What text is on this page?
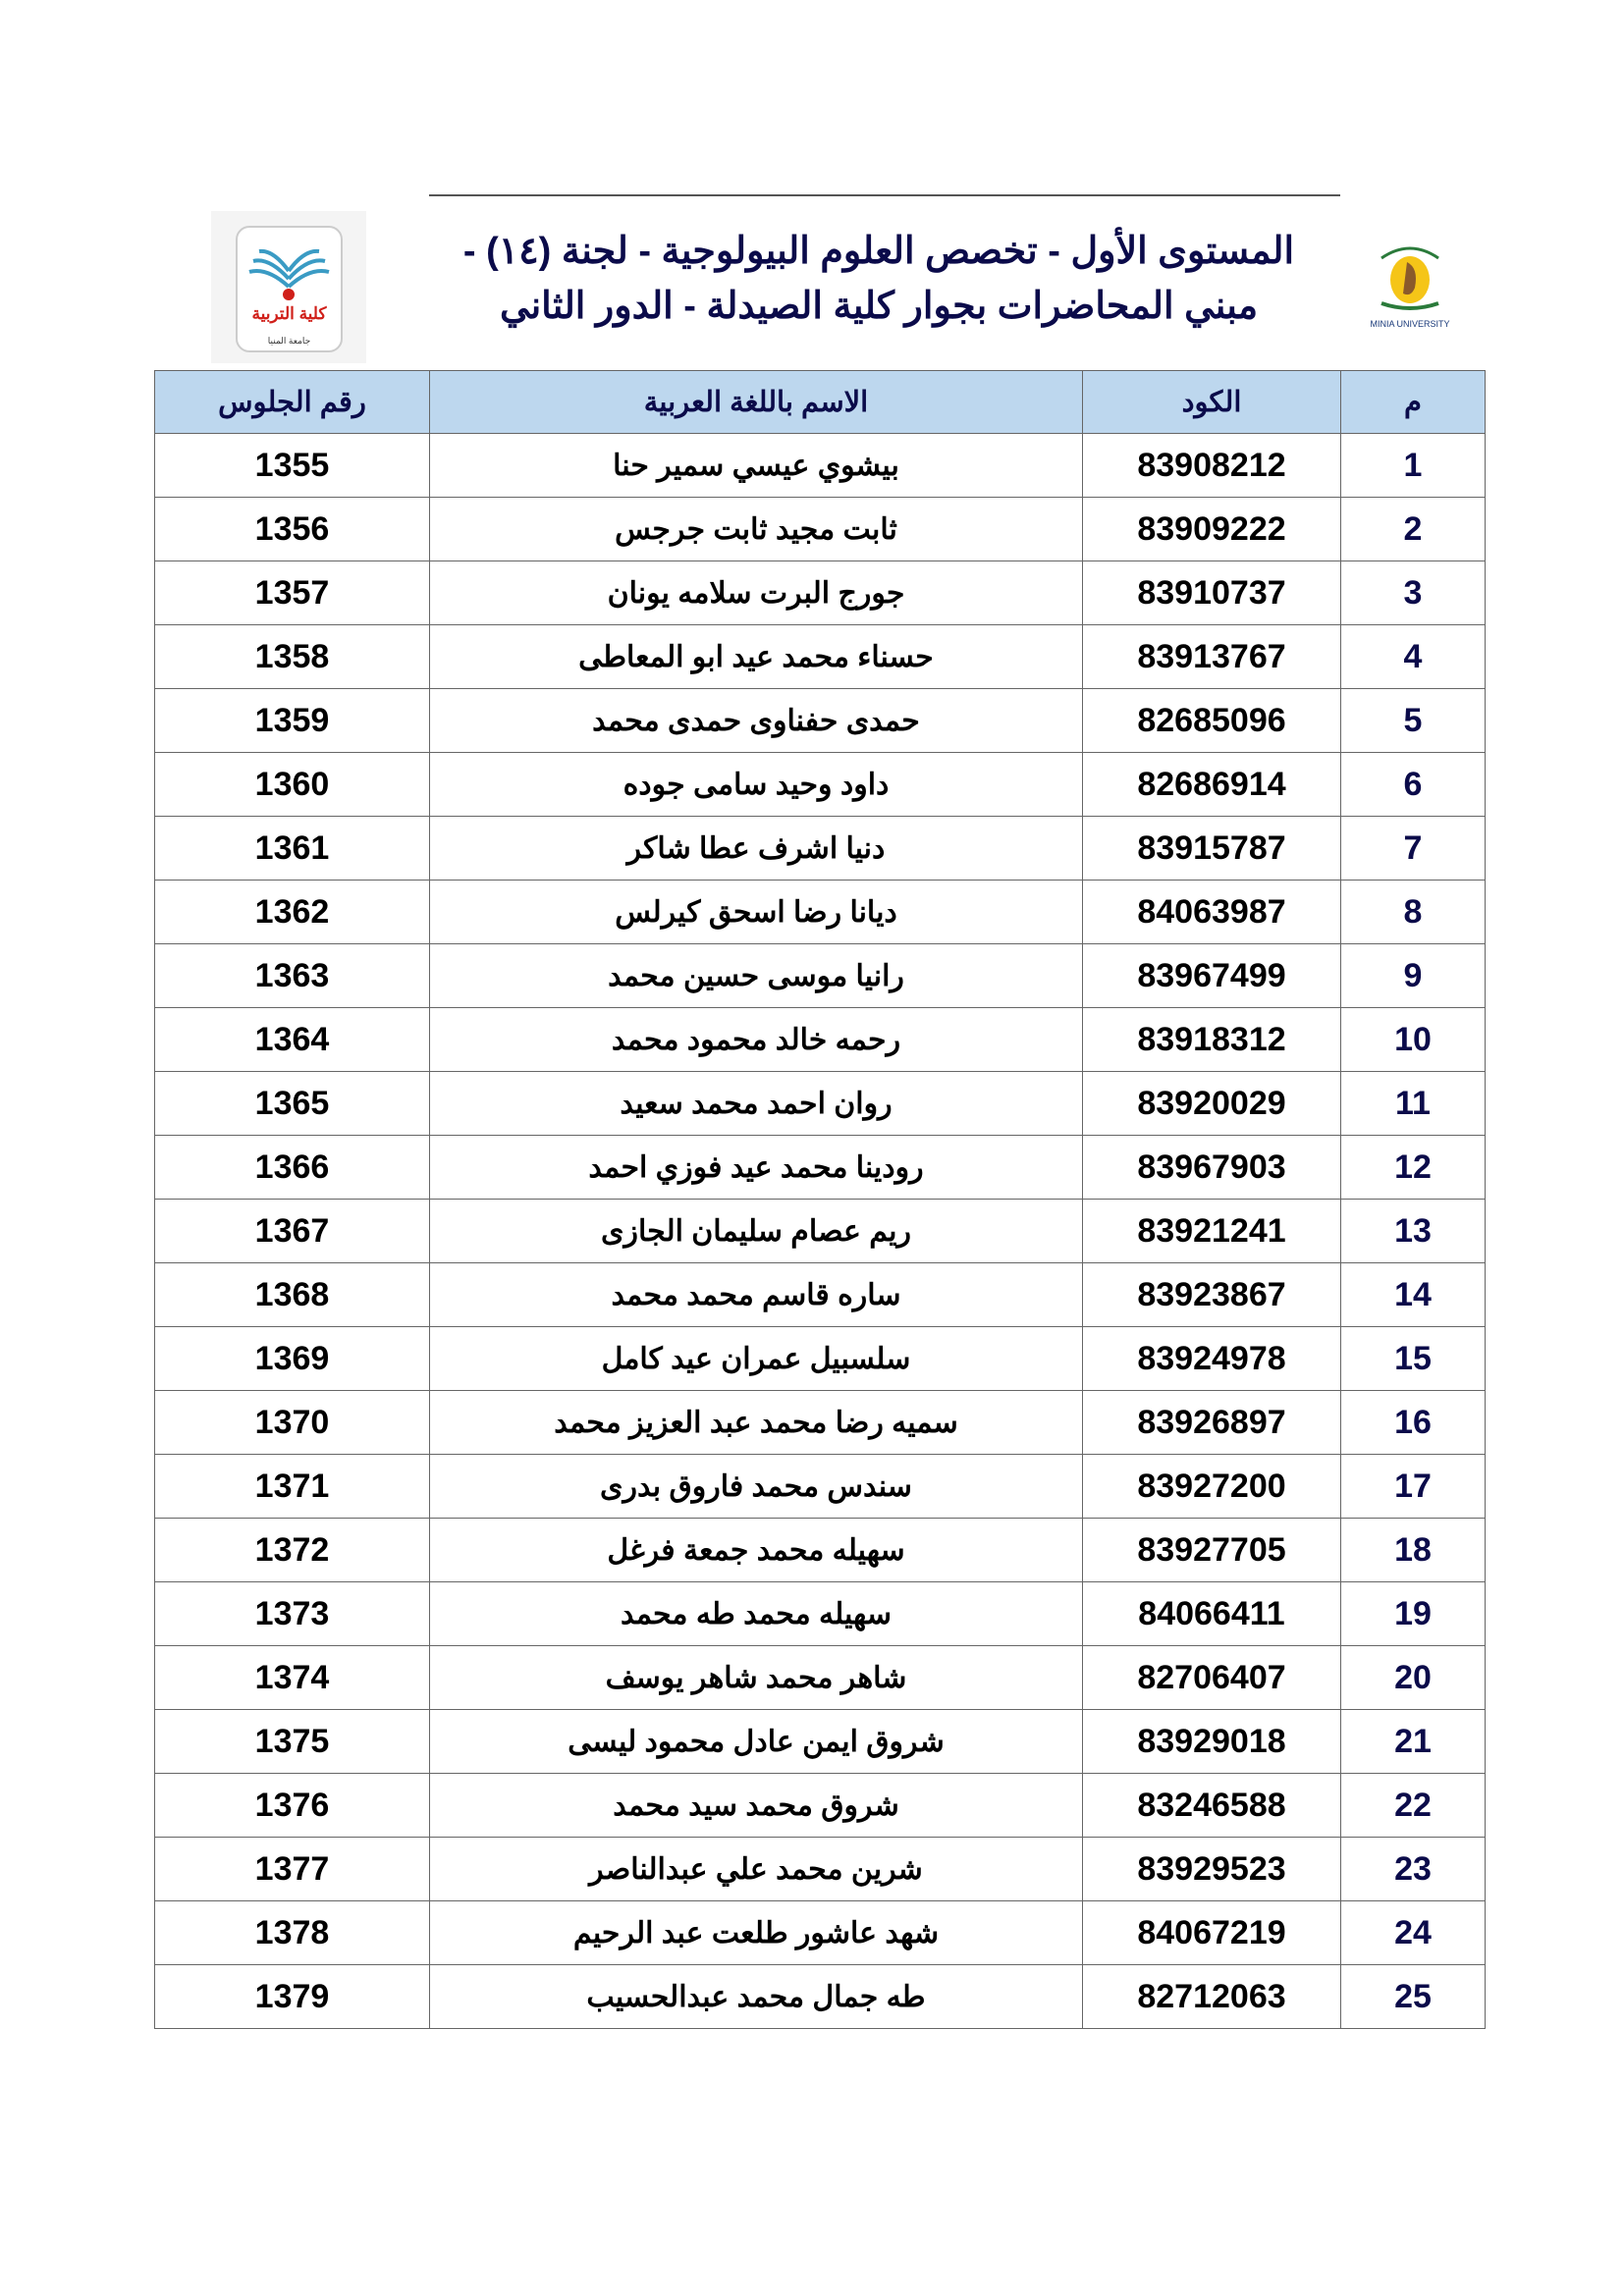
كلية التربية
جامعة المنيا
المستوى الأول - تخصص العلوم البيولوجية - لجنة (١٤) -
مبني المحاضرات بجوار كلية الصيدلة - الدور الثاني	MINIA UNIVERSITY
م	الكود	الاسم باللغة العربية	رقم الجلوس
1	83908212	بيشوي عيسي سمير حنا	1355
2	83909222	ثابت مجيد ثابت جرجس	1356
3	83910737	جورج البرت سلامه يونان	1357
4	83913767	حسناء محمد عيد ابو المعاطى	1358
5	82685096	حمدى حفناوى حمدى محمد	1359
6	82686914	داود وحيد سامى جوده	1360
7	83915787	دنيا اشرف عطا شاكر	1361
8	84063987	ديانا رضا اسحق كيرلس	1362
9	83967499	رانيا موسى حسين محمد	1363
10	83918312	رحمه خالد محمود محمد	1364
11	83920029	روان احمد محمد سعيد	1365
12	83967903	رودينا محمد عيد فوزي احمد	1366
13	83921241	ريم عصام سليمان الجازى	1367
14	83923867	ساره قاسم محمد محمد	1368
15	83924978	سلسبيل عمران عيد كامل	1369
16	83926897	سميه رضا محمد عبد العزيز محمد	1370
17	83927200	سندس محمد فاروق بدرى	1371
18	83927705	سهيله محمد جمعة فرغل	1372
19	84066411	سهيله محمد طه محمد	1373
20	82706407	شاهر محمد شاهر يوسف	1374
21	83929018	شروق ايمن عادل محمود ليسى	1375
22	83246588	شروق محمد سيد محمد	1376
23	83929523	شرين محمد علي عبدالناصر	1377
24	84067219	شهد عاشور طلعت عبد الرحيم	1378
25	82712063	طه جمال محمد عبدالحسيب	1379
